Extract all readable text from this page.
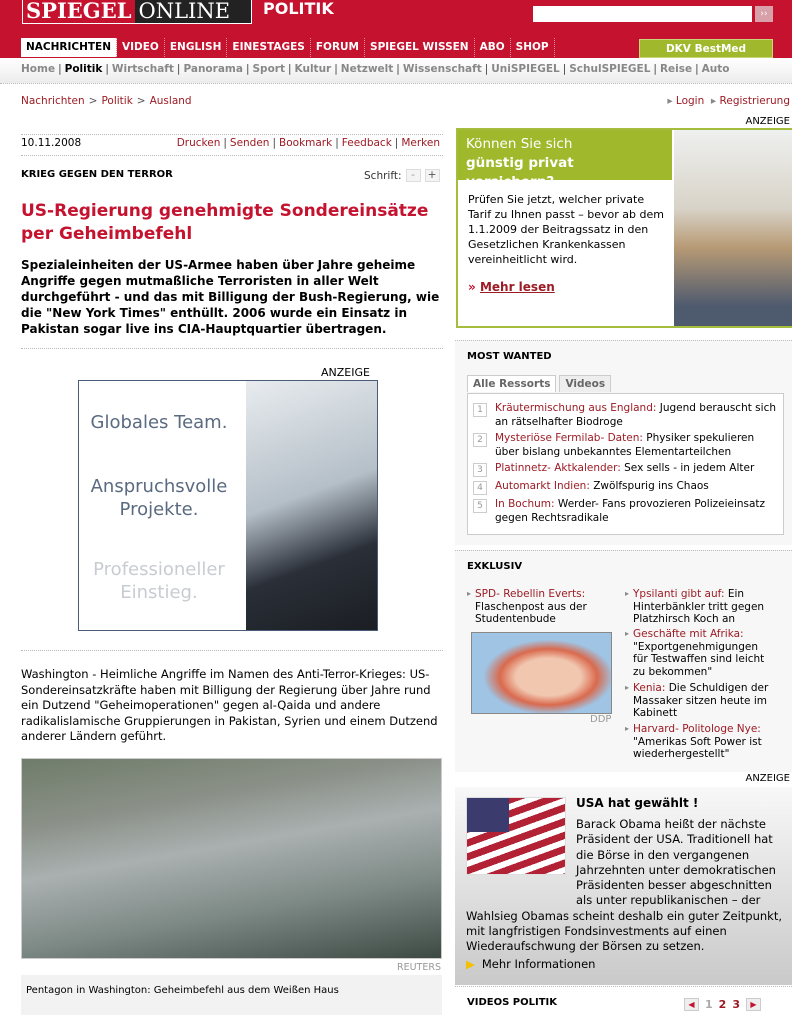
SPIEGEL ONLINE	POLITIK	››
NACHRICHTEN	VIDEO	ENGLISH	EINESTAGES	FORUM	SPIEGEL WISSEN	ABO	SHOP	DKV BestMed
Home | Politik | Wirtschaft | Panorama | Sport | Kultur | Netzwelt | Wissenschaft | UniSPIEGEL | SchulSPIEGEL | Reise | Auto
Nachrichten > Politik > Ausland	▸ Login  ▸ Registrierung
10.11.2008	Drucken | Senden | Bookmark | Feedback | Merken
KRIEG GEGEN DEN TERROR	Schrift: -	+
US-Regierung genehmigte Sondereinsätze per Geheimbefehl

Spezialeinheiten der US-Armee haben über Jahre geheime Angriffe gegen mutmaßliche Terroristen in aller Welt durchgeführt - und das mit Billigung der Bush-Regierung, wie die "New York Times" enthüllt. 2006 wurde ein Einsatz in Pakistan sogar live ins CIA-Hauptquartier übertragen.

ANZEIGE
Globales Team.
Anspruchsvolle Projekte.
Professioneller Einstieg.

Washington - Heimliche Angriffe im Namen des Anti-Terror-Krieges: US-Sondereinsatzkräfte haben mit Billigung der Regierung über Jahre rund ein Dutzend "Geheimoperationen" gegen al-Qaida und andere radikalislamische Gruppierungen in Pakistan, Syrien und einem Dutzend anderer Ländern geführt.

REUTERS
Pentagon in Washington: Geheimbefehl aus dem Weißen Haus
ANZEIGE
Können Sie sich
günstig privat versichern?
Prüfen Sie jetzt, welcher private Tarif zu Ihnen passt – bevor ab dem 1.1.2009 der Beitragssatz in den Gesetzlichen Krankenkassen vereinheitlicht wird.
» Mehr lesen
MOST WANTED
Alle Ressorts	Videos
1	Kräutermischung aus England: Jugend berauscht sich an rätselhafter Biodroge
2	Mysteriöse Fermilab- Daten: Physiker spekulieren über bislang unbekanntes Elementarteilchen
3	Platinnetz- Aktkalender: Sex sells - in jedem Alter
4	Automarkt Indien: Zwölfspurig ins Chaos
5	In Bochum: Werder- Fans provozieren Polizeieinsatz gegen Rechtsradikale
EXKLUSIV
DDP
▸ SPD- Rebellin Everts: Flaschenpost aus der Studentenbude
▸ Ypsilanti gibt auf: Ein Hinterbänkler tritt gegen Platzhirsch Koch an
▸ Geschäfte mit Afrika: "Exportgenehmigungen für Testwaffen sind leicht zu bekommen"
▸ Kenia: Die Schuldigen der Massaker sitzen heute im Kabinett
▸ Harvard- Politologe Nye: "Amerikas Soft Power ist wiederhergestellt"
ANZEIGE
USA hat gewählt !
Barack Obama heißt der nächste Präsident der USA. Traditionell hat die Börse in den vergangenen Jahrzehnten unter demokratischen Präsidenten besser abgeschnitten als unter republikanischen – der Wahlsieg Obamas scheint deshalb ein guter Zeitpunkt, mit langfristigen Fondsinvestments auf einen Wiederaufschwung der Börsen zu setzen.
▶ Mehr Informationen
VIDEOS POLITIK	◀ 1 2 3	▶
